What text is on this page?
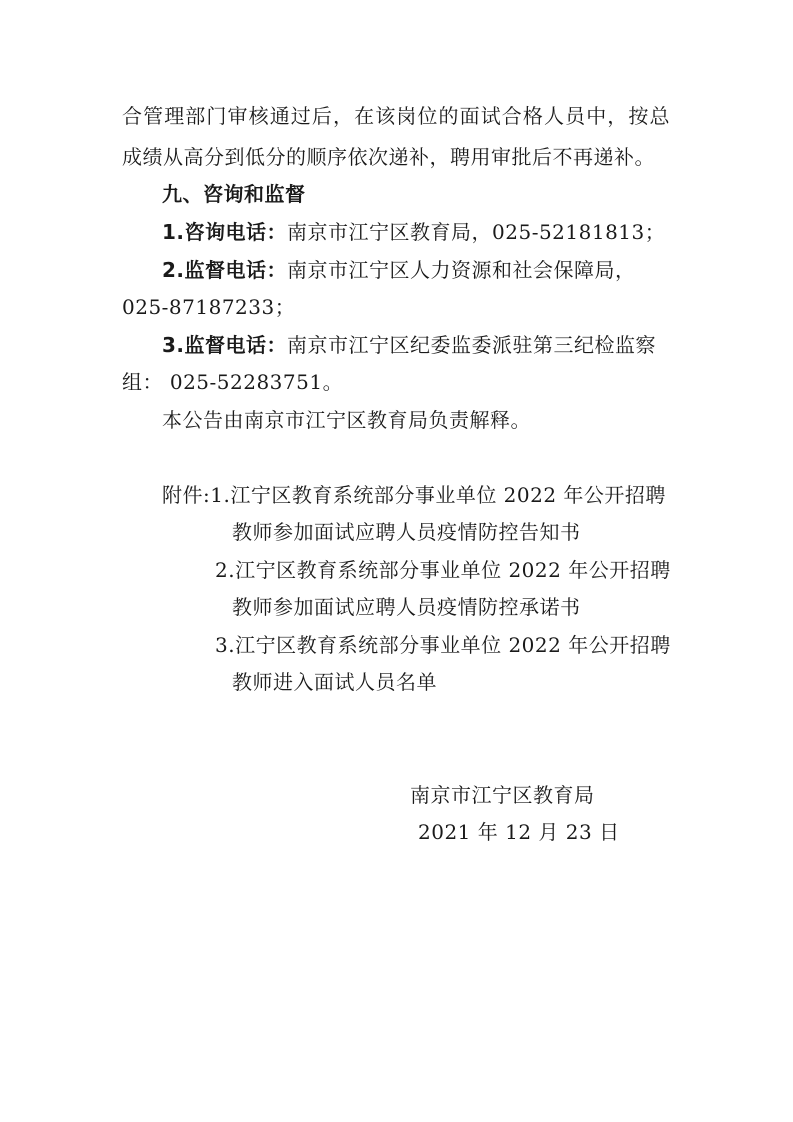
合管理部门审核通过后，在该岗位的面试合格人员中，按总
成绩从高分到低分的顺序依次递补，聘用审批后不再递补。
九、咨询和监督
1.咨询电话：南京市江宁区教育局，025-52181813；
2.监督电话：南京市江宁区人力资源和社会保障局，
025-87187233；
3.监督电话：南京市江宁区纪委监委派驻第三纪检监察
组： 025-52283751。
本公告由南京市江宁区教育局负责解释。
附件:1.江宁区教育系统部分事业单位 2022 年公开招聘
教师参加面试应聘人员疫情防控告知书
2.江宁区教育系统部分事业单位 2022 年公开招聘
教师参加面试应聘人员疫情防控承诺书
3.江宁区教育系统部分事业单位 2022 年公开招聘
教师进入面试人员名单
南京市江宁区教育局
2021 年 12 月 23 日
